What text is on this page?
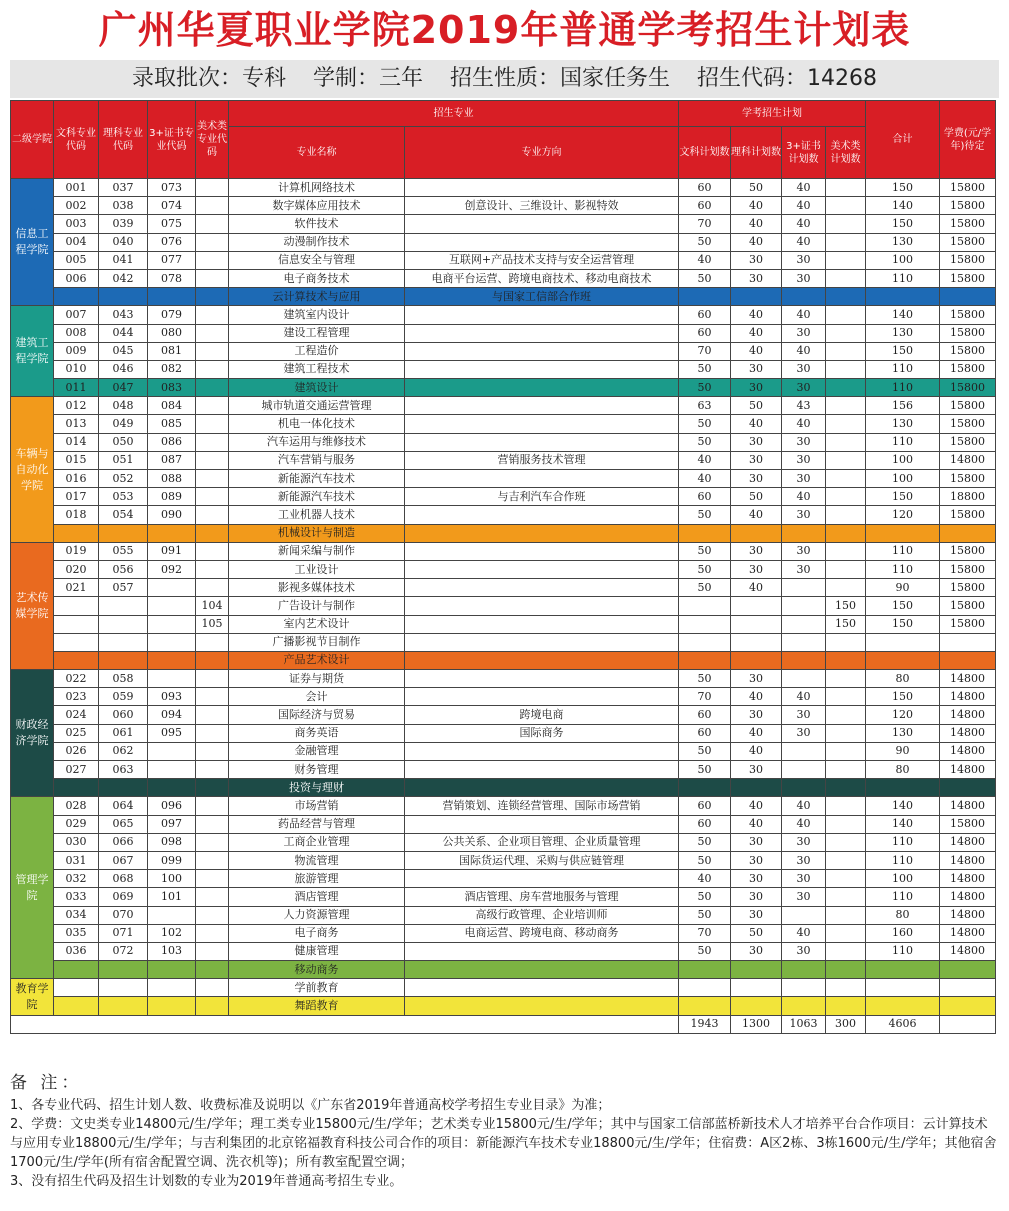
广州华夏职业学院2019年普通学考招生计划表
录取批次：专科 学制：三年 招生性质：国家任务生 招生代码：14268
二级学院	文科专业代码	理科专业代码	3+证书专业代码	美术类专业代码	招生专业		学考招生计划				合计	学费(元/学年)待定
					专业名称	专业方向	文科计划数	理科计划数	3+证书计划数	美术类计划数		
信息工程学院	001	037	073		计算机网络技术		60	50	40		150	15800
	002	038	074		数字媒体应用技术	创意设计、三维设计、影视特效	60	40	40		140	15800
	003	039	075		软件技术		70	40	40		150	15800
	004	040	076		动漫制作技术		50	40	40		130	15800
	005	041	077		信息安全与管理	互联网+产品技术支持与安全运营管理	40	30	30		100	15800
	006	042	078		电子商务技术	电商平台运营、跨境电商技术、移动电商技术	50	30	30		110	15800
					云计算技术与应用	与国家工信部合作班						
建筑工程学院	007	043	079		建筑室内设计		60	40	40		140	15800
	008	044	080		建设工程管理		60	40	30		130	15800
	009	045	081		工程造价		70	40	40		150	15800
	010	046	082		建筑工程技术		50	30	30		110	15800
	011	047	083		建筑设计		50	30	30		110	15800
车辆与自动化学院	012	048	084		城市轨道交通运营管理		63	50	43		156	15800
	013	049	085		机电一体化技术		50	40	40		130	15800
	014	050	086		汽车运用与维修技术		50	30	30		110	15800
	015	051	087		汽车营销与服务	营销服务技术管理	40	30	30		100	14800
	016	052	088		新能源汽车技术		40	30	30		100	15800
	017	053	089		新能源汽车技术	与吉利汽车合作班	60	50	40		150	18800
	018	054	090		工业机器人技术		50	40	30		120	15800
					机械设计与制造							
艺术传媒学院	019	055	091		新闻采编与制作		50	30	30		110	15800
	020	056	092		工业设计		50	30	30		110	15800
	021	057			影视多媒体技术		50	40			90	15800
				104	广告设计与制作					150	150	15800
				105	室内艺术设计					150	150	15800
					广播影视节目制作							
					产品艺术设计							
财政经济学院	022	058			证券与期货		50	30			80	14800
	023	059	093		会计		70	40	40		150	14800
	024	060	094		国际经济与贸易	跨境电商	60	30	30		120	14800
	025	061	095		商务英语	国际商务	60	40	30		130	14800
	026	062			金融管理		50	40			90	14800
	027	063			财务管理		50	30			80	14800
					投资与理财							
管理学院	028	064	096		市场营销	营销策划、连锁经营管理、国际市场营销	60	40	40		140	14800
	029	065	097		药品经营与管理		60	40	40		140	15800
	030	066	098		工商企业管理	公共关系、企业项目管理、企业质量管理	50	30	30		110	14800
	031	067	099		物流管理	国际货运代理、采购与供应链管理	50	30	30		110	14800
	032	068	100		旅游管理		40	30	30		100	14800
	033	069	101		酒店管理	酒店管理、房车营地服务与管理	50	30	30		110	14800
	034	070			人力资源管理	高级行政管理、企业培训师	50	30			80	14800
	035	071	102		电子商务	电商运营、跨境电商、移动商务	70	50	40		160	14800
	036	072	103		健康管理		50	30	30		110	14800
					移动商务							
教育学院					学前教育							
					舞蹈教育							
							1943	1300	1063	300	4606	
备 注：

1、各专业代码、招生计划人数、收费标准及说明以《广东省2019年普通高校学考招生专业目录》为准；

2、学费：文史类专业14800元/生/学年；理工类专业15800元/生/学年；艺术类专业15800元/生/学年；其中与国家工信部蓝桥新技术人才培养平台合作项目：云计算技术与应用专业18800元/生/学年；与吉利集团的北京铭福教育科技公司合作的项目：新能源汽车技术专业18800元/生/学年；住宿费：A区2栋、3栋1600元/生/学年；其他宿舍1700元/生/学年(所有宿舍配置空调、洗衣机等)；所有教室配置空调；

3、没有招生代码及招生计划数的专业为2019年普通高考招生专业。
